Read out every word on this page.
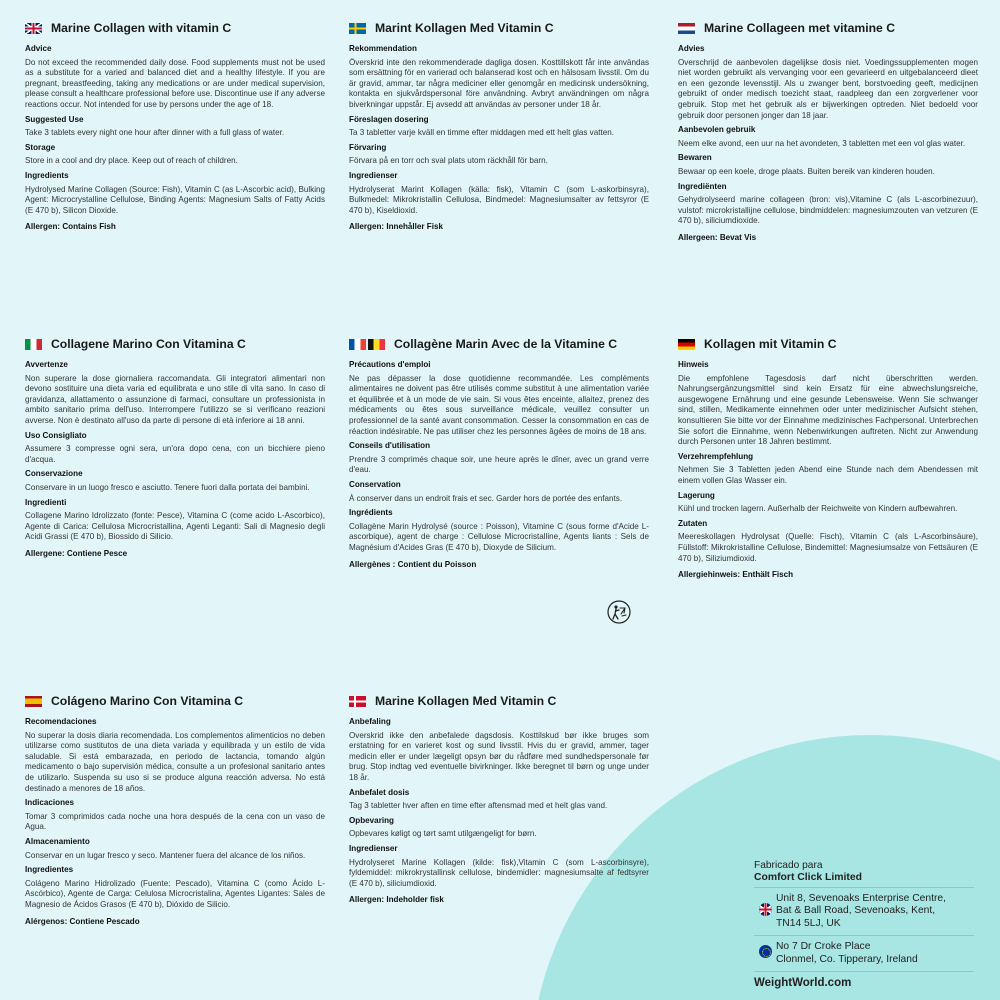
Marine Collagen with vitamin C
Advice
Do not exceed the recommended daily dose. Food supplements must not be used as a substitute for a varied and balanced diet and a healthy lifestyle. If you are pregnant, breastfeeding, taking any medications or are under medical supervision, please consult a healthcare professional before use. Discontinue use if any adverse reactions occur. Not intended for use by persons under the age of 18.
Suggested Use
Take 3 tablets every night one hour after dinner with a full glass of water.
Storage
Store in a cool and dry place. Keep out of reach of children.
Ingredients
Hydrolysed Marine Collagen (Source: Fish), Vitamin C (as L-Ascorbic acid), Bulking Agent: Microcrystalline Cellulose, Binding Agents: Magnesium Salts of Fatty Acids (E 470 b), Silicon Dioxide.
Allergen: Contains Fish
Marint Kollagen Med Vitamin C
Rekommendation
Överskrid inte den rekommenderade dagliga dosen. Kosttillskott får inte användas som ersättning för en varierad och balanserad kost och en hälsosam livsstil. Om du är gravid, ammar, tar några mediciner eller genomgår en medicinsk undersökning, kontakta en sjukvårdspersonal före användning. Avbryt användningen om några biverkningar uppstår. Ej avsedd att användas av personer under 18 år.
Föreslagen dosering
Ta 3 tabletter varje kväll en timme efter middagen med ett helt glas vatten.
Förvaring
Förvara på en torr och sval plats utom räckhåll för barn.
Ingredienser
Hydrolyserat Marint Kollagen (källa: fisk), Vitamin C (som L-askorbinsyra), Bulkmedel: Mikrokristallin Cellulosa, Bindmedel: Magnesiumsalter av fettsyror (E 470 b), Kiseldioxid.
Allergen: Innehåller Fisk
Marine Collageen met vitamine C
Advies
Overschrijd de aanbevolen dagelijkse dosis niet. Voedingssupplementen mogen niet worden gebruikt als vervanging voor een gevarieerd en uitgebalanceerd dieet en een gezonde levensstijl. Als u zwanger bent, borstvoeding geeft, medicijnen gebruikt of onder medisch toezicht staat, raadpleeg dan een zorgverlener voor gebruik. Stop met het gebruik als er bijwerkingen optreden. Niet bedoeld voor gebruik door personen jonger dan 18 jaar.
Aanbevolen gebruik
Neem elke avond, een uur na het avondeten, 3 tabletten met een vol glas water.
Bewaren
Bewaar op een koele, droge plaats. Buiten bereik van kinderen houden.
Ingrediënten
Gehydrolyseerd marine collageen (bron: vis),Vitamine C (als L-ascorbinezuur), vulstof: microkristallijne cellulose, bindmiddelen: magnesiumzouten van vetzuren (E 470 b), siliciumdioxide.
Allergeen: Bevat Vis
Collagene Marino Con Vitamina C
Avvertenze
Non superare la dose giornaliera raccomandata. Gli integratori alimentari non devono sostituire una dieta varia ed equilibrata e uno stile di vita sano. In caso di gravidanza, allattamento o assunzione di farmaci, consultare un professionista in ambito sanitario prima dell'uso. Interrompere l'utilizzo se si verificano reazioni avverse. Non è destinato all'uso da parte di persone di età inferiore ai 18 anni.
Uso Consigliato
Assumere 3 compresse ogni sera, un'ora dopo cena, con un bicchiere pieno d'acqua.
Conservazione
Conservare in un luogo fresco e asciutto. Tenere fuori dalla portata dei bambini.
Ingredienti
Collagene Marino Idrolizzato (fonte: Pesce), Vitamina C (come acido L-Ascorbico), Agente di Carica: Cellulosa Microcristallina, Agenti Leganti: Sali di Magnesio degli Acidi Grassi (E 470 b), Biossido di Silicio.
Allergene: Contiene Pesce
Collagène Marin Avec de la Vitamine C
Précautions d'emploi
Ne pas dépasser la dose quotidienne recommandée. Les compléments alimentaires ne doivent pas être utilisés comme substitut à une alimentation variée et équilibrée et à un mode de vie sain. Si vous êtes enceinte, allaitez, prenez des médicaments ou êtes sous surveillance médicale, veuillez consulter un professionnel de la santé avant consommation. Cesser la consommation en cas de réaction indésirable. Ne pas utiliser chez les personnes âgées de moins de 18 ans.
Conseils d'utilisation
Prendre 3 comprimés chaque soir, une heure après le dîner, avec un grand verre d'eau.
Conservation
À conserver dans un endroit frais et sec. Garder hors de portée des enfants.
Ingrédients
Collagène Marin Hydrolysé (source : Poisson), Vitamine C (sous forme d'Acide L-ascorbique), agent de charge : Cellulose Microcristalline, Agents liants : Sels de Magnésium d'Acides Gras (E 470 b), Dioxyde de Silicium.
Allergènes : Contient du Poisson
Kollagen mit Vitamin C
Hinweis
Die empfohlene Tagesdosis darf nicht überschritten werden. Nahrungsergänzungsmittel sind kein Ersatz für eine abwechslungsreiche, ausgewogene Ernährung und eine gesunde Lebensweise. Wenn Sie schwanger sind, stillen, Medikamente einnehmen oder unter medizinischer Aufsicht stehen, konsultieren Sie bitte vor der Einnahme medizinisches Fachpersonal. Unterbrechen Sie sofort die Einnahme, wenn Nebenwirkungen auftreten. Nicht zur Anwendung durch Personen unter 18 Jahren bestimmt.
Verzehrempfehlung
Nehmen Sie 3 Tabletten jeden Abend eine Stunde nach dem Abendessen mit einem vollen Glas Wasser ein.
Lagerung
Kühl und trocken lagern. Außerhalb der Reichweite von Kindern aufbewahren.
Zutaten
Meereskollagen Hydrolysat (Quelle: Fisch), Vitamin C (als L-Ascorbinsäure), Füllstoff: Mikrokristalline Cellulose, Bindemittel: Magnesiumsalze von Fettsäuren (E 470 b), Siliziumdioxid.
Allergiehinweis: Enthält Fisch
Colágeno Marino Con Vitamina C
Recomendaciones
No superar la dosis diaria recomendada. Los complementos alimenticios no deben utilizarse como sustitutos de una dieta variada y equilibrada y un estilo de vida saludable. Si está embarazada, en periodo de lactancia, tomando algún medicamento o bajo supervisión médica, consulte a un profesional sanitario antes de utilizarlo. Suspenda su uso si se produce alguna reacción adversa. No está destinado a menores de 18 años.
Indicaciones
Tomar 3 comprimidos cada noche una hora después de la cena con un vaso de Agua.
Almacenamiento
Conservar en un lugar fresco y seco. Mantener fuera del alcance de los niños.
Ingredientes
Colágeno Marino Hidrolizado (Fuente: Pescado), Vitamina C (como Ácido L-Ascórbico), Agente de Carga: Celulosa Microcristalina, Agentes Ligantes: Sales de Magnesio de Ácidos Grasos (E 470 b), Dióxido de Silicio.
Alérgenos: Contiene Pescado
Marine Kollagen Med Vitamin C
Anbefaling
Overskrid ikke den anbefalede dagsdosis. Kosttilskud bør ikke bruges som erstatning for en varieret kost og sund livsstil. Hvis du er gravid, ammer, tager medicin eller er under lægeligt opsyn bør du rådføre med sundhedspersonale før brug. Stop indtag ved eventuelle bivirkninger. Ikke beregnet til børn og unge under 18 år.
Anbefalet dosis
Tag 3 tabletter hver aften en time efter aftensmad med et helt glas vand.
Opbevaring
Opbevares køligt og tørt samt utilgængeligt for børn.
Ingredienser
Hydrolyseret Marine Kollagen (kilde: fisk),Vitamin C (som L-ascorbinsyre), fyldemiddel: mikrokrystallinsk cellulose, bindemidler: magnesiumsalte af fedtsyrer (E 470 b), siliciumdioxid.
Allergen: Indeholder fisk
Fabricado para
Comfort Click Limited
Unit 8, Sevenoaks Enterprise Centre,
Bat & Ball Road, Sevenoaks, Kent,
TN14 5LJ, UK
No 7 Dr Croke Place
Clonmel, Co. Tipperary, Ireland
WeightWorld.com
